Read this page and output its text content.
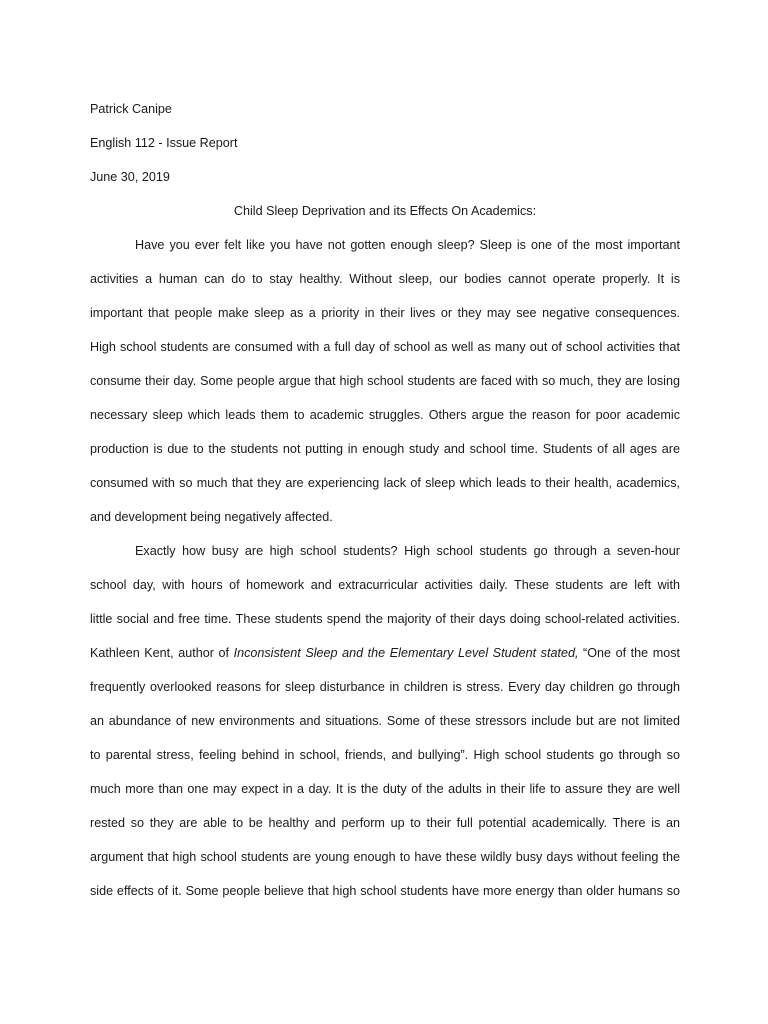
Patrick Canipe

English 112 - Issue Report

June 30, 2019

Child Sleep Deprivation and its Effects On Academics:

Have you ever felt like you have not gotten enough sleep? Sleep is one of the most important

activities a human can do to stay healthy. Without sleep, our bodies cannot operate properly. It is

important that people make sleep as a priority in their lives or they may see negative consequences.

High school students are consumed with a full day of school as well as many out of school activities that

consume their day. Some people argue that high school students are faced with so much, they are losing

necessary sleep which leads them to academic struggles. Others argue the reason for poor academic

production is due to the students not putting in enough study and school time. Students of all ages are

consumed with so much that they are experiencing lack of sleep which leads to their health, academics,

and development being negatively affected.

Exactly how busy are high school students? High school students go through a seven-hour

school day, with hours of homework and extracurricular activities daily. These students are left with

little social and free time. These students spend the majority of their days doing school-related activities.

Kathleen Kent, author of Inconsistent Sleep and the Elementary Level Student stated, “One of the most

frequently overlooked reasons for sleep disturbance in children is stress. Every day children go through

an abundance of new environments and situations. Some of these stressors include but are not limited

to parental stress, feeling behind in school, friends, and bullying”. High school students go through so

much more than one may expect in a day. It is the duty of the adults in their life to assure they are well

rested so they are able to be healthy and perform up to their full potential academically. There is an

argument that high school students are young enough to have these wildly busy days without feeling the

side effects of it. Some people believe that high school students have more energy than older humans so
